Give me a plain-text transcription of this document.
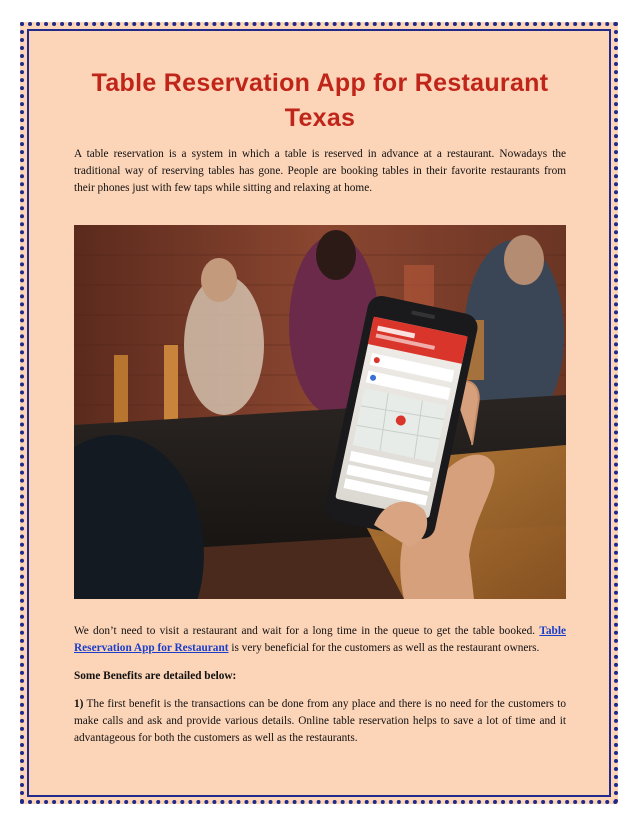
Table Reservation App for Restaurant Texas

A table reservation is a system in which a table is reserved in advance at a restaurant. Nowadays the traditional way of reserving tables has gone. People are booking tables in their favorite restaurants from their phones just with few taps while sitting and relaxing at home.

We don’t need to visit a restaurant and wait for a long time in the queue to get the table booked. Table Reservation App for Restaurant is very beneficial for the customers as well as the restaurant owners.

Some Benefits are detailed below:

1) The first benefit is the transactions can be done from any place and there is no need for the customers to make calls and ask and provide various details. Online table reservation helps to save a lot of time and it advantageous for both the customers as well as the restaurants.
